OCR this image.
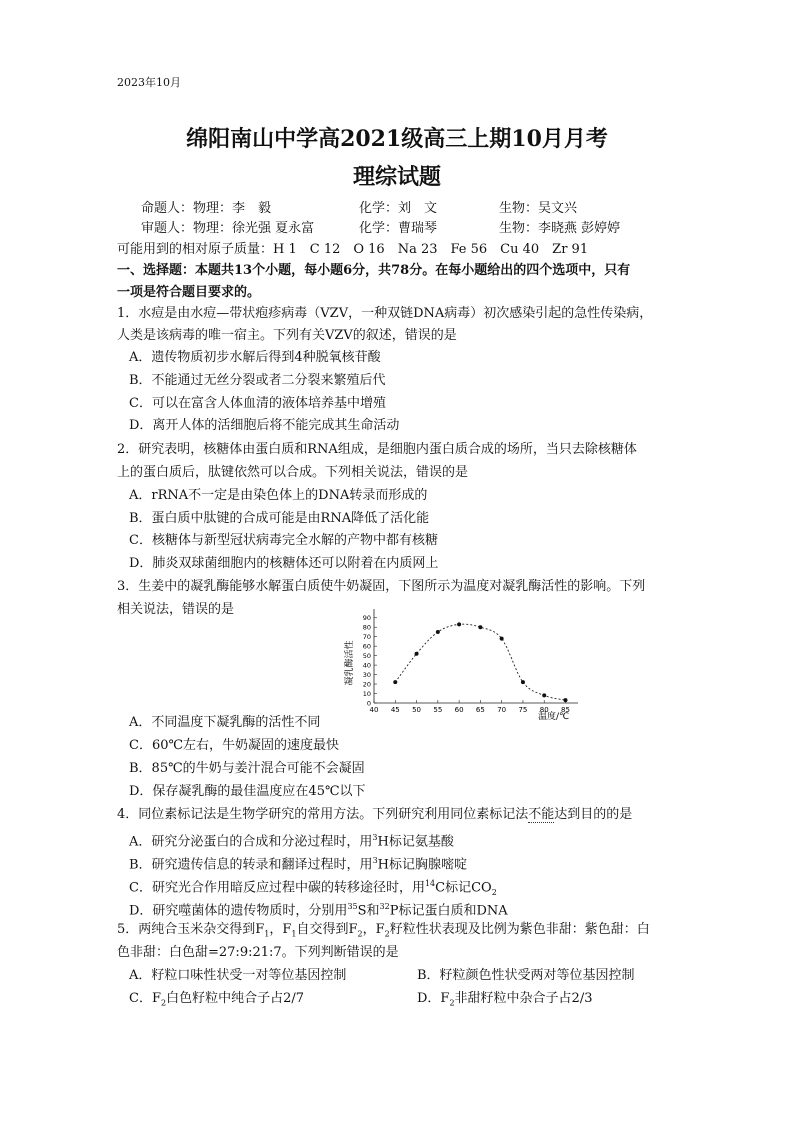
2023年10月
绵阳南山中学高2021级高三上期10月月考
理综试题
命题人：物理：李　毅	化学：刘　文	生物：吴文兴
审题人：物理：徐光强 夏永富	化学：曹瑞琴	生物：李晓燕 彭婷婷
可能用到的相对原子质量：H 1　C 12　O 16　Na 23　Fe 56　Cu 40　Zr 91
一、选择题：本题共13个小题，每小题6分，共78分。在每小题给出的四个选项中，只有
一项是符合题目要求的。
1．水痘是由水痘—带状疱疹病毒（VZV，一种双链DNA病毒）初次感染引起的急性传染病，
人类是该病毒的唯一宿主。下列有关VZV的叙述，错误的是
A．遗传物质初步水解后得到4种脱氧核苷酸
B．不能通过无丝分裂或者二分裂来繁殖后代
C．可以在富含人体血清的液体培养基中增殖
D．离开人体的活细胞后将不能完成其生命活动
2．研究表明，核糖体由蛋白质和RNA组成，是细胞内蛋白质合成的场所，当只去除核糖体
上的蛋白质后，肽键依然可以合成。下列相关说法，错误的是
A．rRNA不一定是由染色体上的DNA转录而形成的
B．蛋白质中肽键的合成可能是由RNA降低了活化能
C．核糖体与新型冠状病毒完全水解的产物中都有核糖
D．肺炎双球菌细胞内的核糖体还可以附着在内质网上
3．生姜中的凝乳酶能够水解蛋白质使牛奶凝固，下图所示为温度对凝乳酶活性的影响。下列
相关说法，错误的是
凝乳酶活性
温度/℃
0
10
20
30
40
50
60
70
80
90
40 45 50 55 60 65 70 75 80 85
A．不同温度下凝乳酶的活性不同
C．60℃左右，牛奶凝固的速度最快
B．85℃的牛奶与姜汁混合可能不会凝固
D．保存凝乳酶的最佳温度应在45℃以下
4．同位素标记法是生物学研究的常用方法。下列研究利用同位素标记法不能达到目的的是
A．研究分泌蛋白的合成和分泌过程时，用$^3$H标记氨基酸
B．研究遗传信息的转录和翻译过程时，用$^3$H标记胸腺嘧啶
C．研究光合作用暗反应过程中碳的转移途径时，用$^{14}$C标记$CO_2$
D．研究噬菌体的遗传物质时，分别用$^{35}$S和$^{32}$P标记蛋白质和DNA
5．两纯合玉米杂交得到$F_1$，$F_1$自交得到$F_2$，$F_2$籽粒性状表现及比例为紫色非甜：紫色甜：白
色非甜：白色甜=27:9:21:7。下列判断错误的是
A．籽粒口味性状受一对等位基因控制	B．籽粒颜色性状受两对等位基因控制
C．$F_2$白色籽粒中纯合子占2/7	D．$F_2$非甜籽粒中杂合子占2/3
